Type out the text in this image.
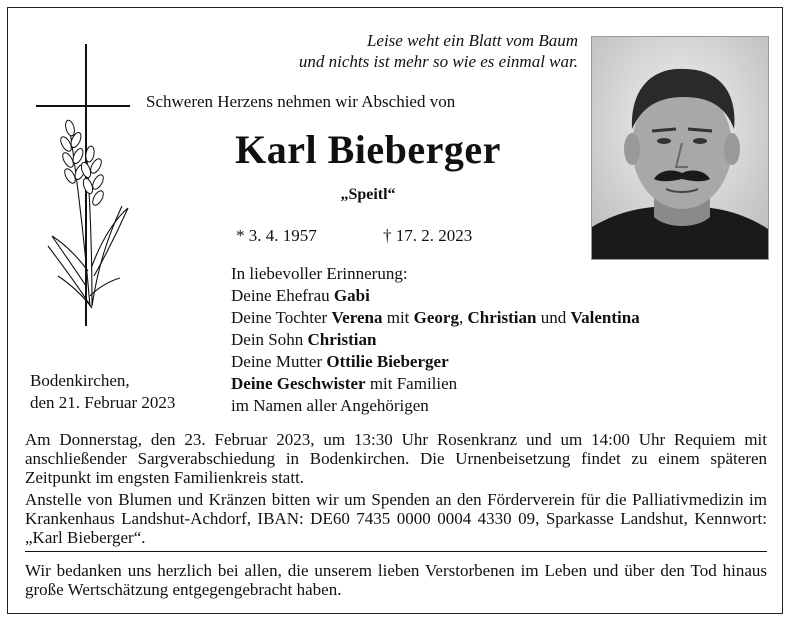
Leise weht ein Blatt vom Baum
und nichts ist mehr so wie es einmal war.
Schweren Herzens nehmen wir Abschied von
Karl Bieberger
„Speitl“
* 3. 4. 1957	† 17. 2. 2023
In liebevoller Erinnerung:
Deine Ehefrau Gabi
Deine Tochter Verena mit Georg, Christian und Valentina
Dein Sohn Christian
Deine Mutter Ottilie Bieberger
Deine Geschwister mit Familien
im Namen aller Angehörigen
Bodenkirchen,
den 21. Februar 2023
Am Donnerstag, den 23. Februar 2023, um 13:30 Uhr Rosenkranz und um 14:00 Uhr Requiem mit anschließender Sargverabschiedung in Bodenkirchen. Die Urnenbeisetzung findet zu einem späteren Zeitpunkt im engsten Familienkreis statt.
Anstelle von Blumen und Kränzen bitten wir um Spenden an den Förderverein für die Palliativmedizin im Krankenhaus Landshut-Achdorf, IBAN: DE60 7435 0000 0004 4330 09, Sparkasse Landshut, Kennwort: „Karl Bieberger“.
Wir bedanken uns herzlich bei allen, die unserem lieben Verstorbenen im Leben und über den Tod hinaus große Wertschätzung entgegengebracht haben.
